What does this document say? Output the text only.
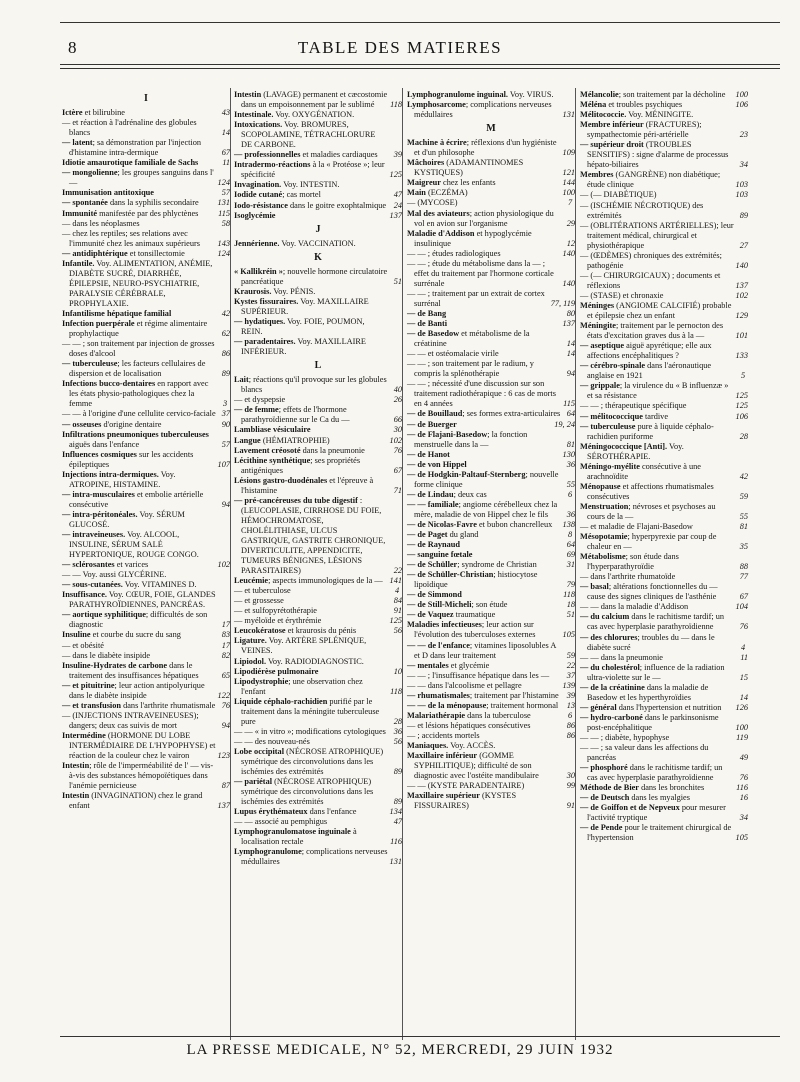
8	TABLE DES MATIERES
I
Ictère et bilirubine	43
— et réaction à l'adrénaline des globules blancs	14
— latent; sa démonstration par l'injection d'histamine intra-dermique	67
Idiotie amaurotique familiale de Sachs	11
— mongolienne; les groupes sanguins dans l' —	124
Immunisation antitoxique	57
— spontanée dans la syphilis secondaire 131
Immunité manifestée par des phlyctènes 115
— dans les néoplasmes	58
— chez les reptiles; ses relations avec l'immunité chez les animaux supérieurs 143
— antidiphtérique et tonsillectomie	124
Infantile. Voy. ALIMENTATION, ANÉMIE, DIABÈTE SUCRÉ, DIARRHÉE, ÉPILEPSIE, NEURO-PSYCHIATRIE, PARALYSIE CÉRÉBRALE, PROPHYLAXIE.
Infantilisme hépatique familial	42
Infection puerpérale et régime alimentaire prophylactique	62
— — ; son traitement par injection de grosses doses d'alcool	86
— tuberculeuse; les facteurs cellulaires de dispersion et de localisation	89
Infections bucco-dentaires en rapport avec les états physio-pathologiques chez la femme	3
— — à l'origine d'une cellulite cervico-faciale 37
— osseuses d'origine dentaire	90
Infiltrations pneumoniques tuberculeuses aiguës dans l'enfance	57
Influences cosmiques sur les accidents épileptiques	107
Injections intra-dermiques. Voy. ATROPINE, HISTAMINE.
— intra-musculaires et embolie artérielle consécutive	94
— intra-péritonéales. Voy. SÉRUM GLUCOSÉ.
— intraveineuses. Voy. ALCOOL, INSULINE, SÉRUM SALÉ HYPERTONIQUE, ROUGE CONGO.
— sclérosantes et varices	102
— — Voy. aussi GLYCÉRINE.
— sous-cutanées. Voy. VITAMINES D.
Insuffisance. Voy. CŒUR, FOIE, GLANDES PARATHYROÏDIENNES, PANCRÉAS.
— aortique syphilitique; difficultés de son diagnostic	17
Insuline et courbe du sucre du sang	83
— et obésité	17
— dans le diabète insipide	82
Insuline-Hydrates de carbone dans le traitement des insuffisances hépatiques	65
— et pituitrine; leur action antipolyurique dans le diabète insipide	122
— et transfusion dans l'arthrite rhumatismale 76
— (INJECTIONS INTRAVEINEUSES); dangers; deux cas suivis de mort	94
Intermédine (HORMONE DU LOBE INTERMÉDIAIRE DE L'HYPOPHYSE) et réaction de la couleur chez le vairon	123
Intestin; rôle de l'imperméabilité de l' — vis-à-vis des substances hémopoïétiques dans l'anémie pernicieuse	87
Intestin (INVAGINATION) chez le grand enfant	137
Intestin (LAVAGE) permanent et cæcostomie dans un empoisonnement par le sublimé 118
Intestinale. Voy. OXYGÉNATION.
Intoxications. Voy. BROMURES, SCOPOLAMINE, TÉTRACHLORURE DE CARBONE.
— professionnelles et maladies cardiaques 39
Intradermo-réactions à la « Protéose »; leur spécificité	125
Invagination. Voy. INTESTIN.
Iodide cutané; cas mortel	47
Iodo-résistance dans le goitre exophtalmique 24
Isoglycémie	137
J
Jennérienne. Voy. VACCINATION.
K
« Kallikréin »; nouvelle hormone circulatoire pancréatique	51
Kraurosis. Voy. PÉNIS.
Kystes fissuraires. Voy. MAXILLAIRE SUPÉRIEUR.
— hydatiques. Voy. FOIE, POUMON, REIN.
— paradentaires. Voy. MAXILLAIRE INFÉRIEUR.
L
Lait; réactions qu'il provoque sur les globules blancs	40
— et dyspepsie	26
— de femme; effets de l'hormone parathyroïdienne sur le Ca du —	66
Lambliase vésiculaire	30
Langue (HÉMIATROPHIE)	102
Lavement créosoté dans la pneumonie	76
Lécithine synthétique; ses propriétés antigéniques	67
Lésions gastro-duodénales et l'épreuve à l'histamine	71
— pré-cancéreuses du tube digestif : (LEUCOPLASIE, CIRRHOSE DU FOIE, HÉMOCHROMATOSE, CHOLÉLITHIASE, ULCUS GASTRIQUE, GASTRITE CHRONIQUE, DIVERTICULITE, APPENDICITE, TUMEURS BÉNIGNES, LÉSIONS PARASITAIRES)	22
Leucémie; aspects immunologiques de la — 141
— et tuberculose	4
— et grossesse	84
— et sulfopyrétothérapie	91
— myéloïde et érythrémie	125
Leucokératose et kraurosis du pénis	56
Ligature. Voy. ARTÈRE SPLÉNIQUE, VEINES.
Lipiodol. Voy. RADIODIAGNOSTIC.
Lipodiérèse pulmonaire	10
Lipodystrophie; une observation chez l'enfant	118
Liquide céphalo-rachidien purifié par le traitement dans la méningite tuberculeuse pure	28
— — « in vitro »; modifications cytologiques 36
— — des nouveau-nés	56
Lobe occipital (NÉCROSE ATROPHIQUE) symétrique des circonvolutions dans les ischémies des extrémités	89
— pariétal (NÉCROSE ATROPHIQUE) symétrique des circonvolutions dans les ischémies des extrémités	89
Lupus érythémateux dans l'enfance	134
— — associé au pemphigus	47
Lymphogranulomatose inguinale à localisation rectale	116
Lymphogranulome; complications nerveuses médullaires	131
Lymphogranulome inguinal. Voy. VIRUS.
Lymphosarcome; complications nerveuses médullaires	131
M
Machine à écrire; réflexions d'un hygiéniste et d'un philosophe	109
Mâchoires (ADAMANTINOMES KYSTIQUES)	121
Maigreur chez les enfants	144
Main (ECZÉMA)	100
— (MYCOSE)	7
Mal des aviateurs; action physiologique du vol en avion sur l'organisme	29
Maladie d'Addison et hypoglycémie insulinique	12
— — ; études radiologiques	140
— — ; étude du métabolisme dans la — ; effet du traitement par l'hormone corticale surrénale	140
— — ; traitement par un extrait de cortex surrénal	77, 119
— de Bang	80
— de Banti	137
— de Basedow et métabolisme de la créatinine	14
— — et ostéomalacie virile	14
— — ; son traitement par le radium, y compris la splénothérapie	94
— — ; nécessité d'une discussion sur son traitement radiothérapique : 6 cas de morts en 4 années	115
— de Bouillaud; ses formes extra-articulaires 64
— de Buerger	19, 24
— de Flajani-Basedow; la fonction menstruelle dans la —	81
— de Hanot	130
— de von Hippel	36
— de Hodgkin-Paltauf-Sternberg; nouvelle forme clinique	55
— de Lindau; deux cas	6
— — familiale; angiome cérébelleux chez la mère, maladie de von Hippel chez le fils 36
— de Nicolas-Favre et bubon chancrelleux 138
— de Paget du gland	8
— de Raynaud	64
— sanguine fœtale	69
— de Schüller; syndrome de Christian	31
— de Schüller-Christian; histiocytose lipoïdique	79
— de Simmond	118
— de Still-Micheli; son étude	18
— de Vaquez traumatique	51
Maladies infectieuses; leur action sur l'évolution des tuberculoses externes	105
— — de l'enfance; vitamines liposolubles A et D dans leur traitement	59
— mentales et glycémie	22
— — ; l'insuffisance hépatique dans les — 37
— — dans l'alcoolisme et pellagre	139
— rhumatismales; traitement par l'histamine 39
— — de la ménopause; traitement hormonal 13
Malariathérapie dans la tuberculose	6
— et lésions hépatiques consécutives	86
— ; accidents mortels	86
Maniaques. Voy. ACCÈS.
Maxillaire inférieur (GOMME SYPHILITIQUE); difficulté de son diagnostic avec l'ostéite mandibulaire	30
— — (KYSTE PARADENTAIRE)	99
Maxillaire supérieur (KYSTES FISSURAIRES)	91
Mélancolie; son traitement par la décholine 100
Méléna et troubles psychiques	106
Mélitococcie. Voy. MÉNINGITE.
Membre inférieur (FRACTURES); sympathectomie péri-artérielle	23
— supérieur droit (TROUBLES SENSITIFS) : signe d'alarme de processus hépato-biliaires	34
Membres (GANGRÈNE) non diabétique; étude clinique	103
— (— DIABÉTIQUE)	103
— (ISCHÉMIE NÉCROTIQUE) des extrémités	89
— (OBLITÉRATIONS ARTÉRIELLES); leur traitement médical, chirurgical et physiothérapique	27
— (ŒDÈMES) chroniques des extrémités; pathogénie	140
— (— CHIRURGICAUX) ; documents et réflexions	137
— (STASE) et chronaxie	102
Méninges (ANGIOME CALCIFIÉ) probable et épilepsie chez un enfant	129
Méningite; traitement par le pernocton des états d'excitation graves dus à la —	101
— aseptique aiguë apyrétique; elle aux affections encéphalitiques ?	133
— cérébro-spinale dans l'aéronautique anglaise en 1921	5
— grippale; la virulence du « B influenzæ » et sa résistance	125
— — ; thérapeutique spécifique	125
— mélitococcique tardive	106
— tuberculeuse pure à liquide céphalo-rachidien puriforme	28
Méningococcique [Anti]. Voy. SÉROTHÉRAPIE.
Méningo-myélite consécutive à une arachnoïdite	42
Ménopause et affections rhumatismales consécutives	59
Menstruation; névroses et psychoses au cours de la —	55
— et maladie de Flajani-Basedow	81
Mésopotamie; hyperpyrexie par coup de chaleur en —	35
Métabolisme; son étude dans l'hyperparathyroïdie	88
— dans l'arthrite rhumatoïde	77
— basal; altérations fonctionnelles du — cause des signes cliniques de l'asthénie	67
— — dans la maladie d'Addison	104
— du calcium dans le rachitisme tardif; un cas avec hyperplasie parathyroïdienne	76
— des chlorures; troubles du — dans le diabète sucré	4
— — dans la pneumonie	11
— du cholestérol; influence de la radiation ultra-violette sur le —	15
— de la créatinine dans la maladie de Basedow et les hyperthyroïdies	14
— général dans l'hypertension et nutrition 126
— hydro-carboné dans le parkinsonisme post-encéphalitique	100
— — ; diabète, hypophyse	119
— — ; sa valeur dans les affections du pancréas	49
— phosphoré dans le rachitisme tardif; un cas avec hyperplasie parathyroïdienne	76
Méthode de Bier dans les bronchites	116
— de Deutsch dans les myalgies	16
— de Goiffon et de Nepveux pour mesurer l'activité tryptique	34
— de Pende pour le traitement chirurgical de l'hypertension	105
LA PRESSE MEDICALE, N° 52, MERCREDI, 29 JUIN 1932
